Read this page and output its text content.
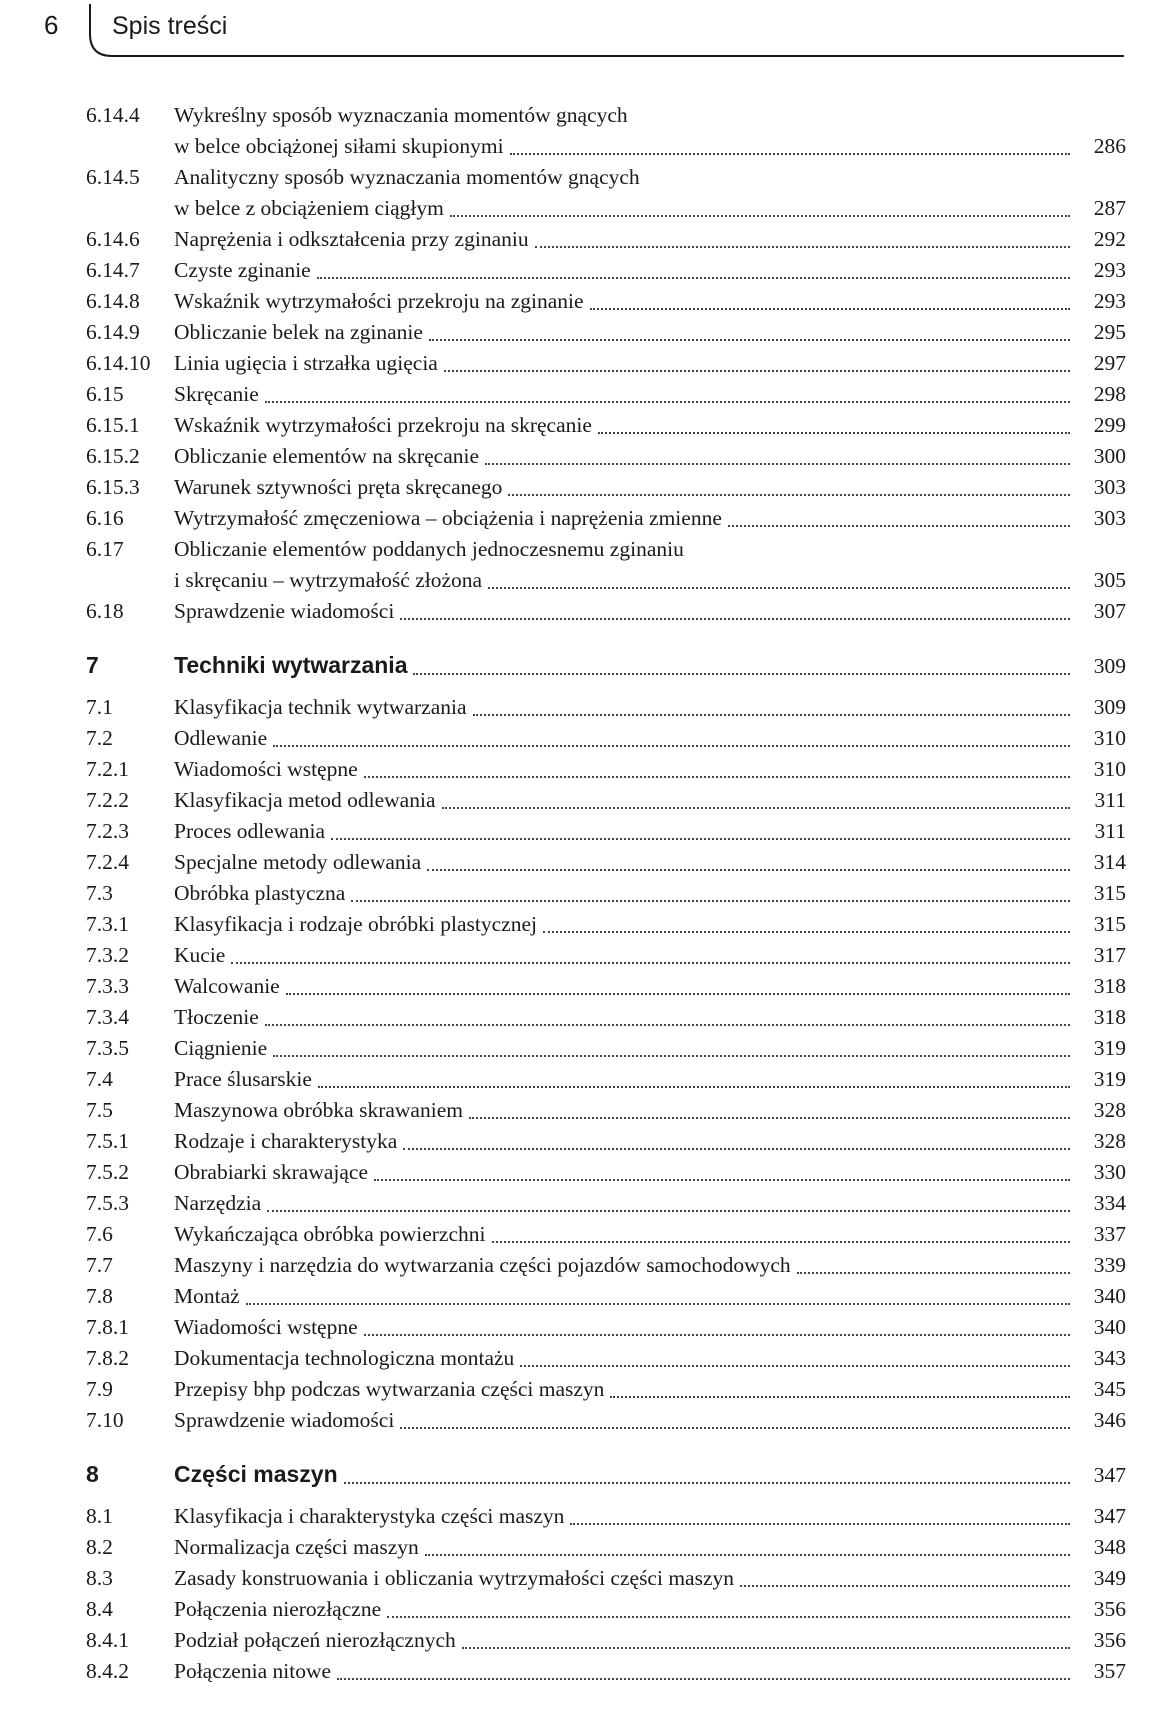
6 Spis treści
6.14.4 Wykreślny sposób wyznaczania momentów gnących
w belce obciążonej siłami skupionymi	286
6.14.5 Analityczny sposób wyznaczania momentów gnących
w belce z obciążeniem ciągłym	287
6.14.6 Naprężenia i odkształcenia przy zginaniu	292
6.14.7 Czyste zginanie	293
6.14.8 Wskaźnik wytrzymałości przekroju na zginanie	293
6.14.9 Obliczanie belek na zginanie	295
6.14.10 Linia ugięcia i strzałka ugięcia	297
6.15 Skręcanie	298
6.15.1 Wskaźnik wytrzymałości przekroju na skręcanie	299
6.15.2 Obliczanie elementów na skręcanie	300
6.15.3 Warunek sztywności pręta skręcanego	303
6.16 Wytrzymałość zmęczeniowa – obciążenia i naprężenia zmienne	303
6.17 Obliczanie elementów poddanych jednoczesnemu zginaniu
i skręcaniu – wytrzymałość złożona	305
6.18 Sprawdzenie wiadomości	307
7	Techniki wytwarzania	309
7.1	Klasyfikacja technik wytwarzania	309
7.2	Odlewanie	310
7.2.1 Wiadomości wstępne	310
7.2.2 Klasyfikacja metod odlewania	311
7.2.3 Proces odlewania	311
7.2.4 Specjalne metody odlewania	314
7.3	Obróbka plastyczna	315
7.3.1 Klasyfikacja i rodzaje obróbki plastycznej	315
7.3.2 Kucie	317
7.3.3 Walcowanie	318
7.3.4 Tłoczenie	318
7.3.5 Ciągnienie	319
7.4	Prace ślusarskie	319
7.5	Maszynowa obróbka skrawaniem	328
7.5.1 Rodzaje i charakterystyka	328
7.5.2 Obrabiarki skrawające	330
7.5.3 Narzędzia	334
7.6	Wykańczająca obróbka powierzchni	337
7.7	Maszyny i narzędzia do wytwarzania części pojazdów samochodowych	339
7.8	Montaż	340
7.8.1 Wiadomości wstępne	340
7.8.2 Dokumentacja technologiczna montażu	343
7.9	Przepisy bhp podczas wytwarzania części maszyn	345
7.10 Sprawdzenie wiadomości	346
8	Części maszyn	347
8.1	Klasyfikacja i charakterystyka części maszyn	347
8.2	Normalizacja części maszyn	348
8.3	Zasady konstruowania i obliczania wytrzymałości części maszyn	349
8.4	Połączenia nierozłączne	356
8.4.1 Podział połączeń nierozłącznych	356
8.4.2 Połączenia nitowe	357
